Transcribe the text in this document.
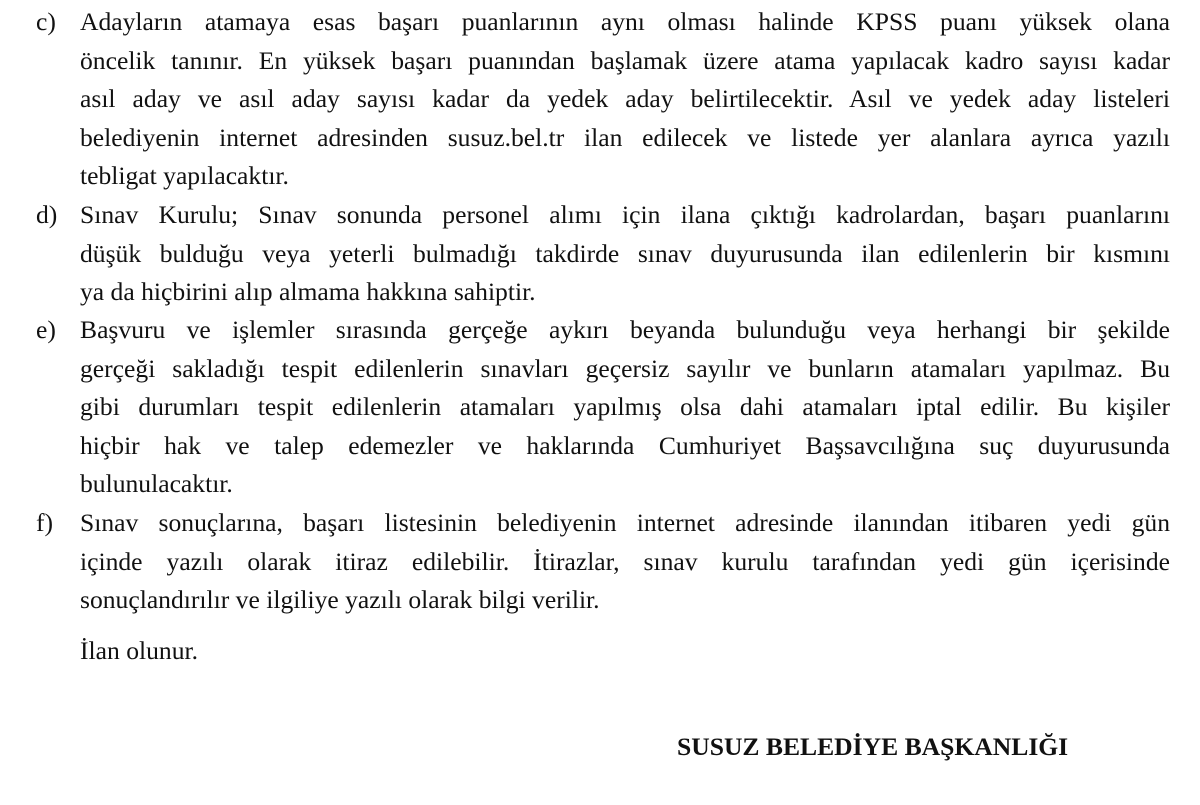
c) Adayların atamaya esas başarı puanlarının aynı olması halinde KPSS puanı yüksek olana
öncelik tanınır. En yüksek başarı puanından başlamak üzere atama yapılacak kadro sayısı kadar
asıl aday ve asıl aday sayısı kadar da yedek aday belirtilecektir. Asıl ve yedek aday listeleri
belediyenin internet adresinden susuz.bel.tr ilan edilecek ve listede yer alanlara ayrıca yazılı
tebligat yapılacaktır.
d) Sınav Kurulu; Sınav sonunda personel alımı için ilana çıktığı kadrolardan, başarı puanlarını
düşük bulduğu veya yeterli bulmadığı takdirde sınav duyurusunda ilan edilenlerin bir kısmını
ya da hiçbirini alıp almama hakkına sahiptir.
e) Başvuru ve işlemler sırasında gerçeğe aykırı beyanda bulunduğu veya herhangi bir şekilde
gerçeği sakladığı tespit edilenlerin sınavları geçersiz sayılır ve bunların atamaları yapılmaz. Bu
gibi durumları tespit edilenlerin atamaları yapılmış olsa dahi atamaları iptal edilir. Bu kişiler
hiçbir hak ve talep edemezler ve haklarında Cumhuriyet Başsavcılığına suç duyurusunda
bulunulacaktır.
f)	Sınav sonuçlarına, başarı listesinin belediyenin internet adresinde ilanından itibaren yedi gün
içinde yazılı olarak itiraz edilebilir. İtirazlar, sınav kurulu tarafından yedi gün içerisinde
sonuçlandırılır ve ilgiliye yazılı olarak bilgi verilir.
İlan olunur.
SUSUZ BELEDİYE BAŞKANLIĞI
